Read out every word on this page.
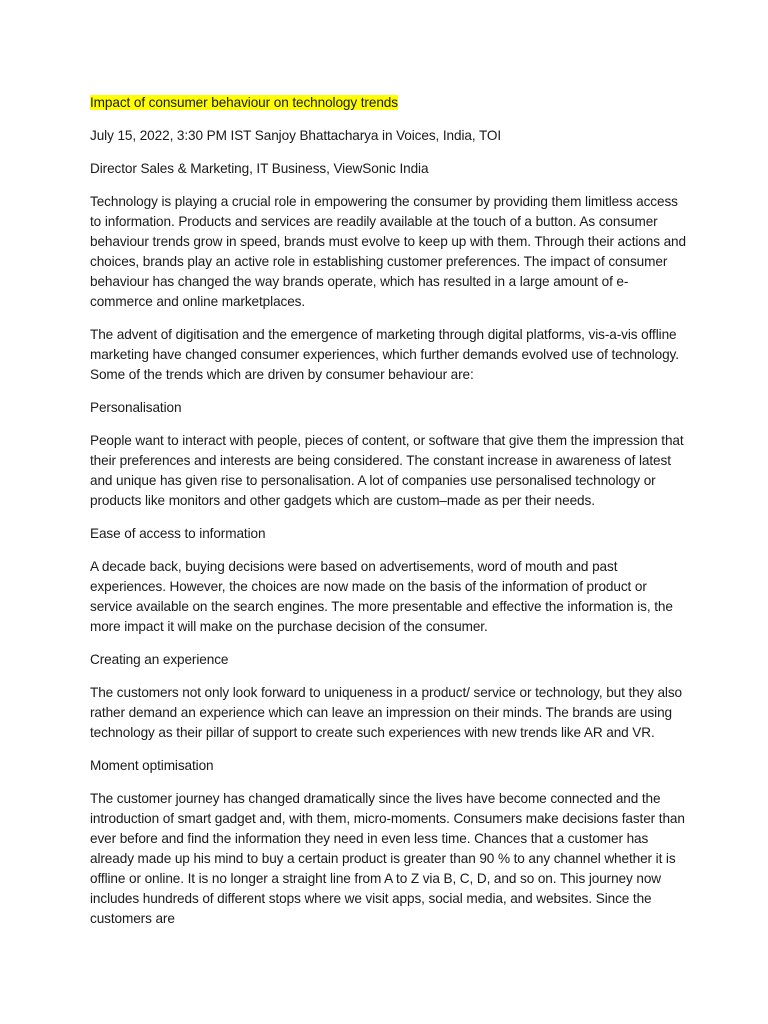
Impact of consumer behaviour on technology trends

July 15, 2022, 3:30 PM IST Sanjoy Bhattacharya in Voices, India, TOI

Director Sales & Marketing, IT Business, ViewSonic India

Technology is playing a crucial role in empowering the consumer by providing them limitless access to information. Products and services are readily available at the touch of a button. As consumer behaviour trends grow in speed, brands must evolve to keep up with them. Through their actions and choices, brands play an active role in establishing customer preferences. The impact of consumer behaviour has changed the way brands operate, which has resulted in a large amount of e-commerce and online marketplaces.

The advent of digitisation and the emergence of marketing through digital platforms, vis-a-vis offline marketing have changed consumer experiences, which further demands evolved use of technology. Some of the trends which are driven by consumer behaviour are:

Personalisation

People want to interact with people, pieces of content, or software that give them the impression that their preferences and interests are being considered. The constant increase in awareness of latest and unique has given rise to personalisation. A lot of companies use personalised technology or products like monitors and other gadgets which are custom–made as per their needs.

Ease of access to information

A decade back, buying decisions were based on advertisements, word of mouth and past experiences. However, the choices are now made on the basis of the information of product or service available on the search engines. The more presentable and effective the information is, the more impact it will make on the purchase decision of the consumer.

Creating an experience

The customers not only look forward to uniqueness in a product/ service or technology, but they also rather demand an experience which can leave an impression on their minds. The brands are using technology as their pillar of support to create such experiences with new trends like AR and VR.

Moment optimisation

The customer journey has changed dramatically since the lives have become connected and the introduction of smart gadget and, with them, micro-moments. Consumers make decisions faster than ever before and find the information they need in even less time. Chances that a customer has already made up his mind to buy a certain product is greater than 90 % to any channel whether it is offline or online. It is no longer a straight line from A to Z via B, C, D, and so on. This journey now includes hundreds of different stops where we visit apps, social media, and websites. Since the customers are
